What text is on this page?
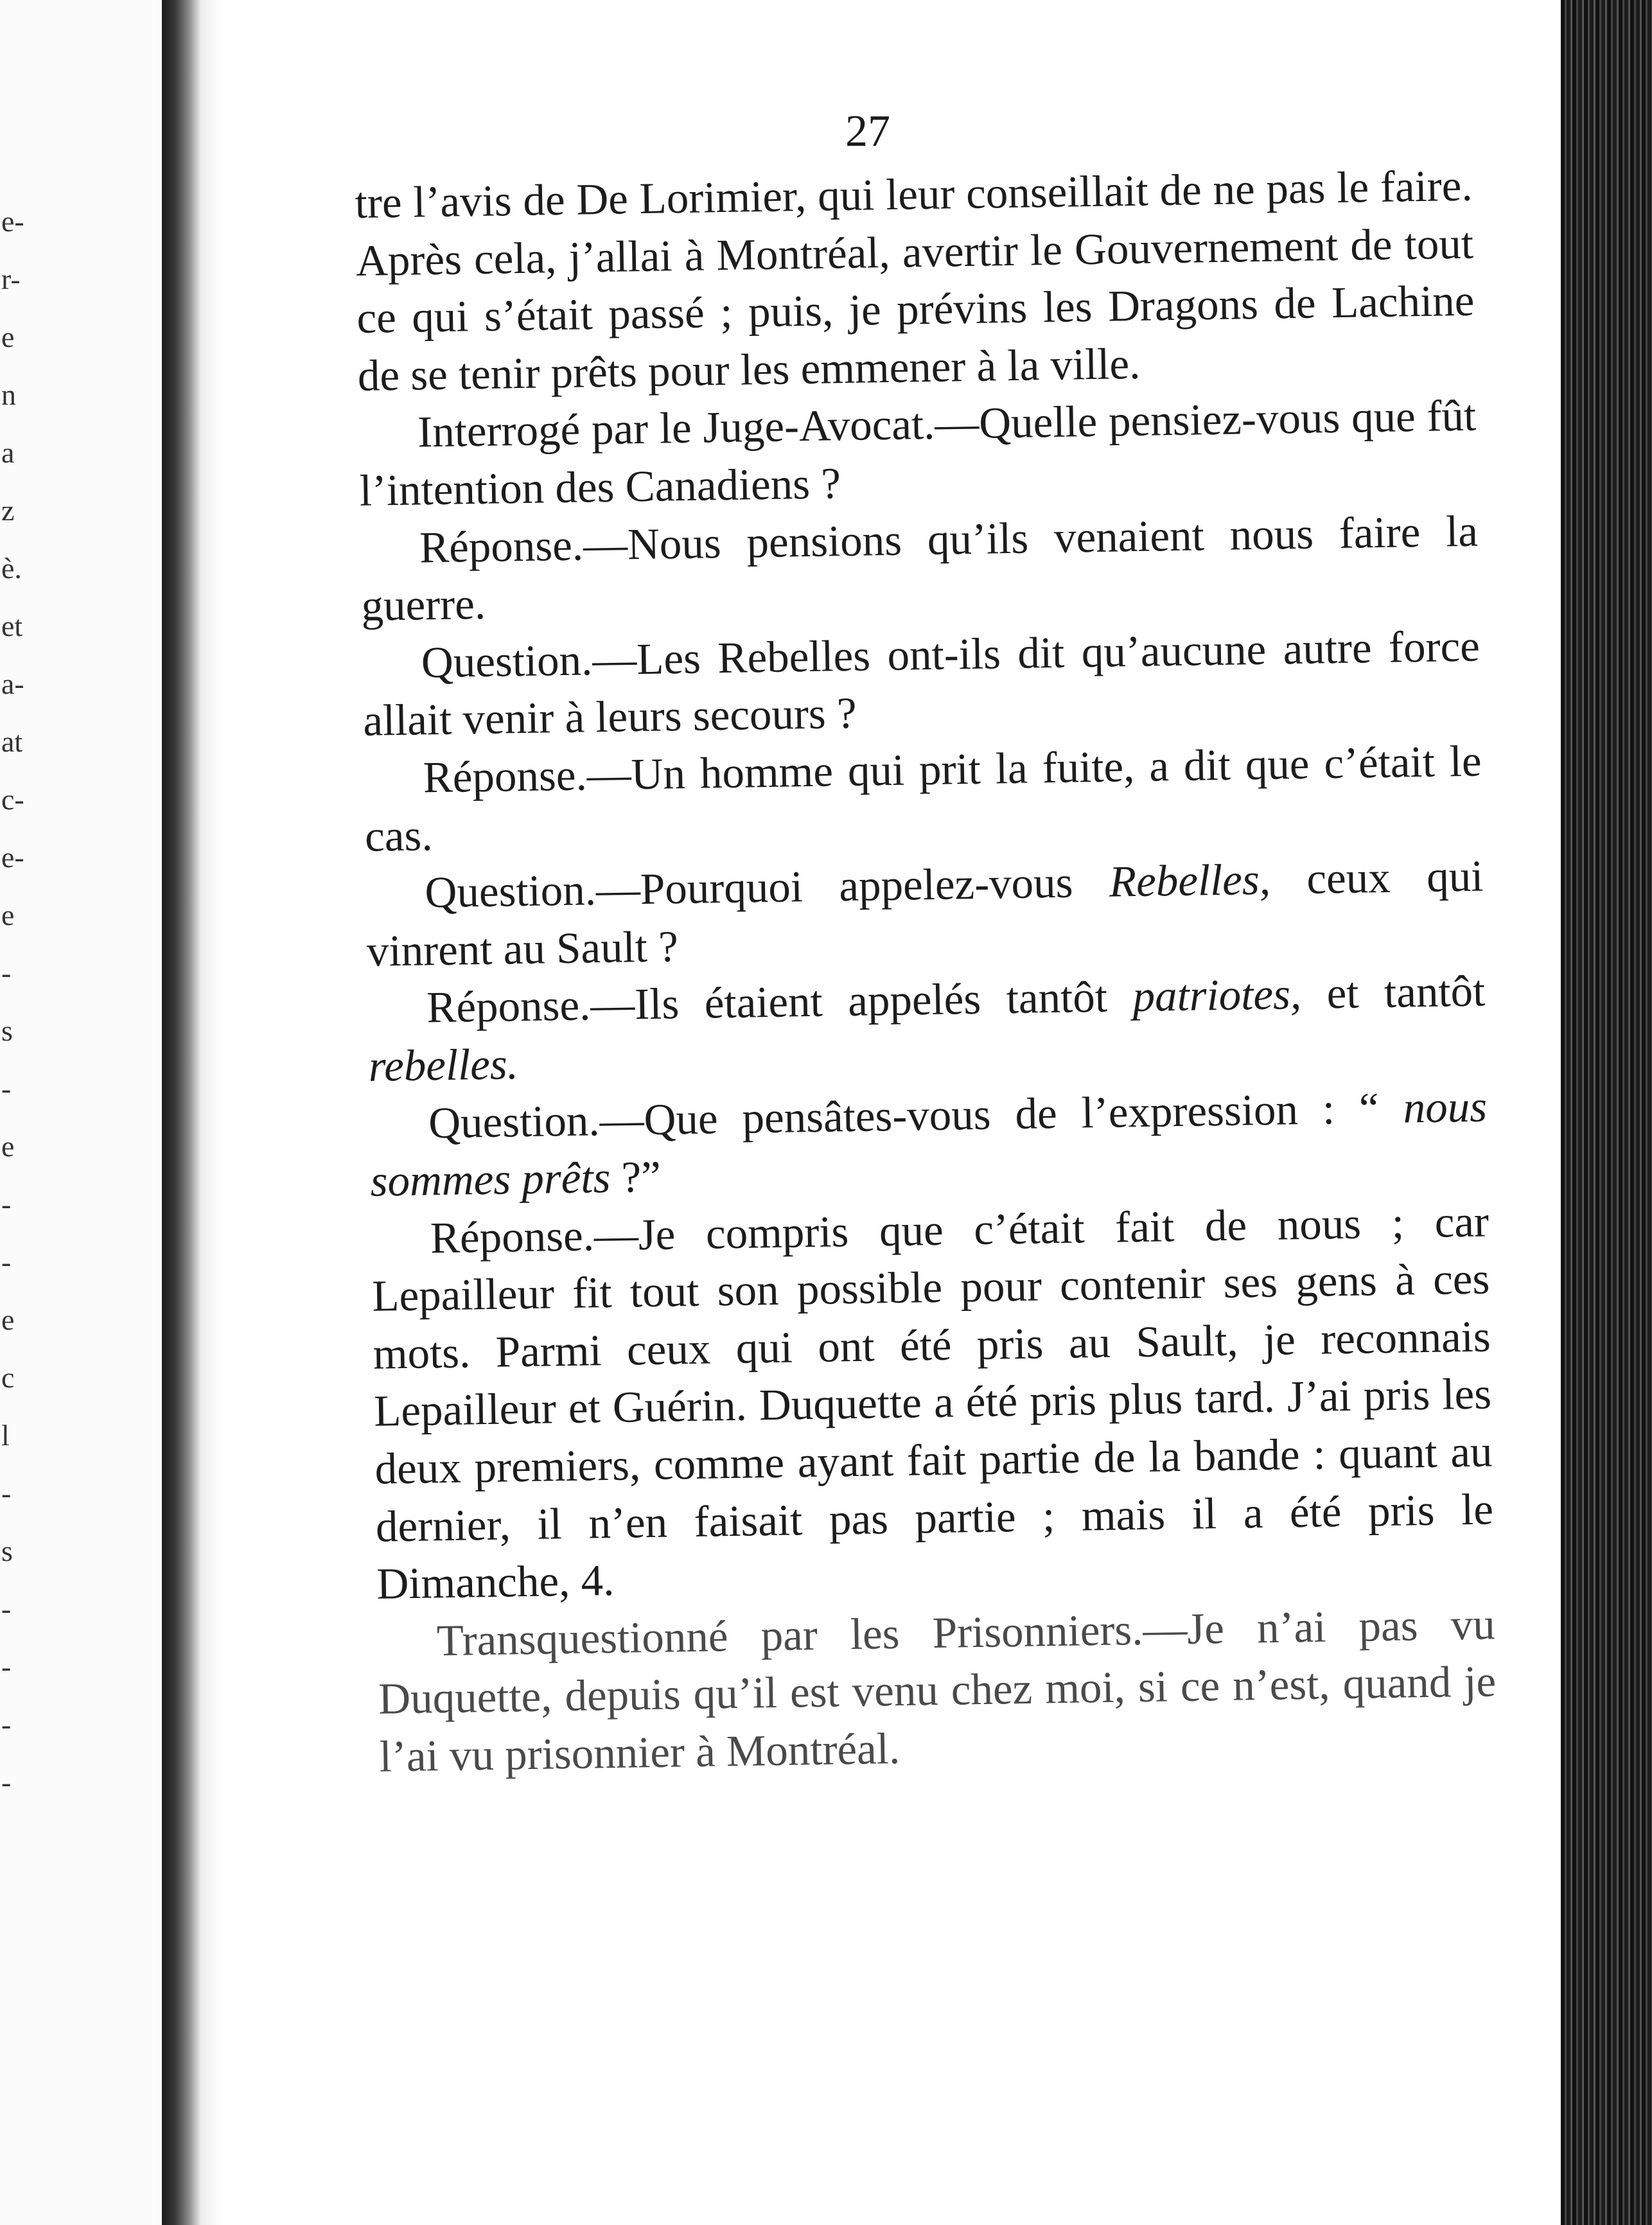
e-
r-
e
n
a
z
è.
et
a-
at
c-
e-
e
-
s
-
e
-
-
e
c
l
-
s
-
-
-
-

27

tre l’avis de De Lorimier, qui leur conseillait de ne pas le faire. Après cela, j’allai à Montréal, avertir le Gouvernement de tout ce qui s’était passé ; puis, je prévins les Dragons de Lachine de se tenir prêts pour les emmener à la ville.

Interrogé par le Juge-Avocat.—Quelle pensiez-vous que fût l’intention des Canadiens ?

Réponse.—Nous pensions qu’ils venaient nous faire la guerre.

Question.—Les Rebelles ont-ils dit qu’aucune autre force allait venir à leurs secours ?

Réponse.—Un homme qui prit la fuite, a dit que c’était le cas.

Question.—Pourquoi appelez-vous Rebelles, ceux qui vinrent au Sault ?

Réponse.—Ils étaient appelés tantôt patriotes, et tantôt rebelles.

Question.—Que pensâtes-vous de l’expression : “ nous sommes prêts ?”

Réponse.—Je compris que c’était fait de nous ; car Lepailleur fit tout son possible pour contenir ses gens à ces mots. Parmi ceux qui ont été pris au Sault, je reconnais Lepailleur et Guérin. Duquette a été pris plus tard. J’ai pris les deux premiers, comme ayant fait partie de la bande : quant au dernier, il n’en faisait pas partie ; mais il a été pris le Dimanche, 4.

Transquestionné par les Prisonniers.—Je n’ai pas vu Duquette, depuis qu’il est venu chez moi, si ce n’est, quand je l’ai vu prisonnier à Montréal.
